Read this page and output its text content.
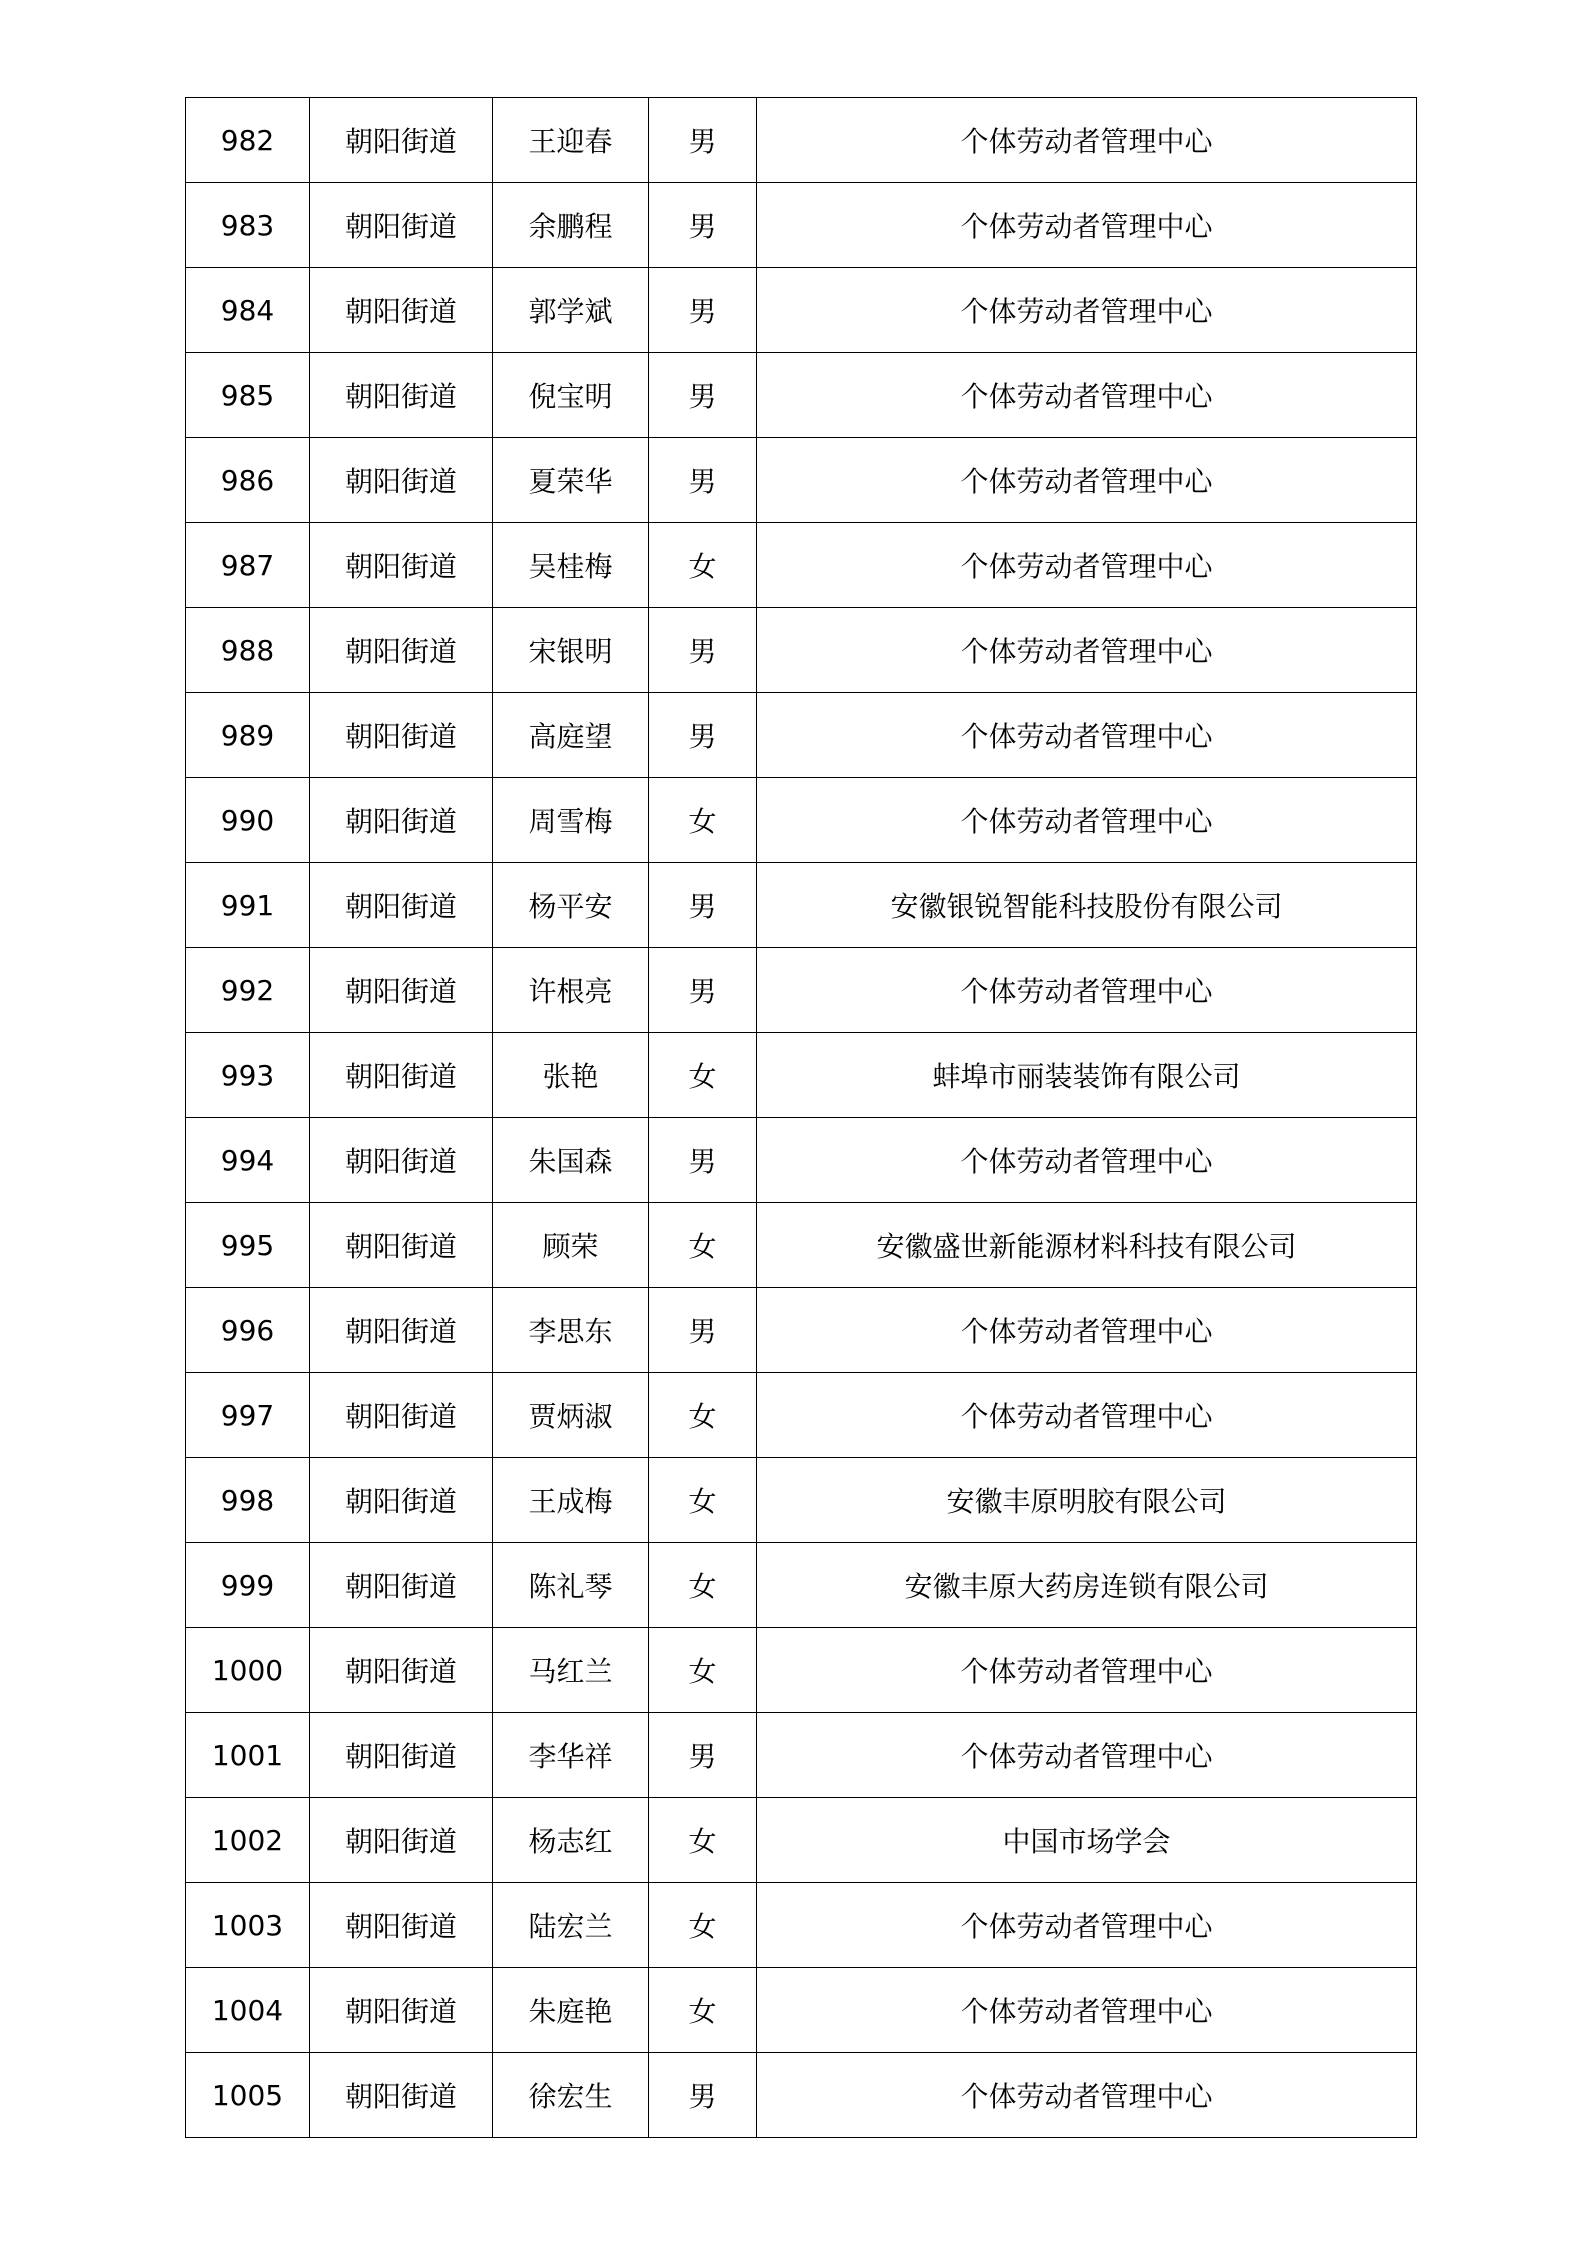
982	朝阳街道	王迎春	男	个体劳动者管理中心
983	朝阳街道	余鹏程	男	个体劳动者管理中心
984	朝阳街道	郭学斌	男	个体劳动者管理中心
985	朝阳街道	倪宝明	男	个体劳动者管理中心
986	朝阳街道	夏荣华	男	个体劳动者管理中心
987	朝阳街道	吴桂梅	女	个体劳动者管理中心
988	朝阳街道	宋银明	男	个体劳动者管理中心
989	朝阳街道	高庭望	男	个体劳动者管理中心
990	朝阳街道	周雪梅	女	个体劳动者管理中心
991	朝阳街道	杨平安	男	安徽银锐智能科技股份有限公司
992	朝阳街道	许根亮	男	个体劳动者管理中心
993	朝阳街道	张艳	女	蚌埠市丽装装饰有限公司
994	朝阳街道	朱国森	男	个体劳动者管理中心
995	朝阳街道	顾荣	女	安徽盛世新能源材料科技有限公司
996	朝阳街道	李思东	男	个体劳动者管理中心
997	朝阳街道	贾炳淑	女	个体劳动者管理中心
998	朝阳街道	王成梅	女	安徽丰原明胶有限公司
999	朝阳街道	陈礼琴	女	安徽丰原大药房连锁有限公司
1000	朝阳街道	马红兰	女	个体劳动者管理中心
1001	朝阳街道	李华祥	男	个体劳动者管理中心
1002	朝阳街道	杨志红	女	中国市场学会
1003	朝阳街道	陆宏兰	女	个体劳动者管理中心
1004	朝阳街道	朱庭艳	女	个体劳动者管理中心
1005	朝阳街道	徐宏生	男	个体劳动者管理中心
